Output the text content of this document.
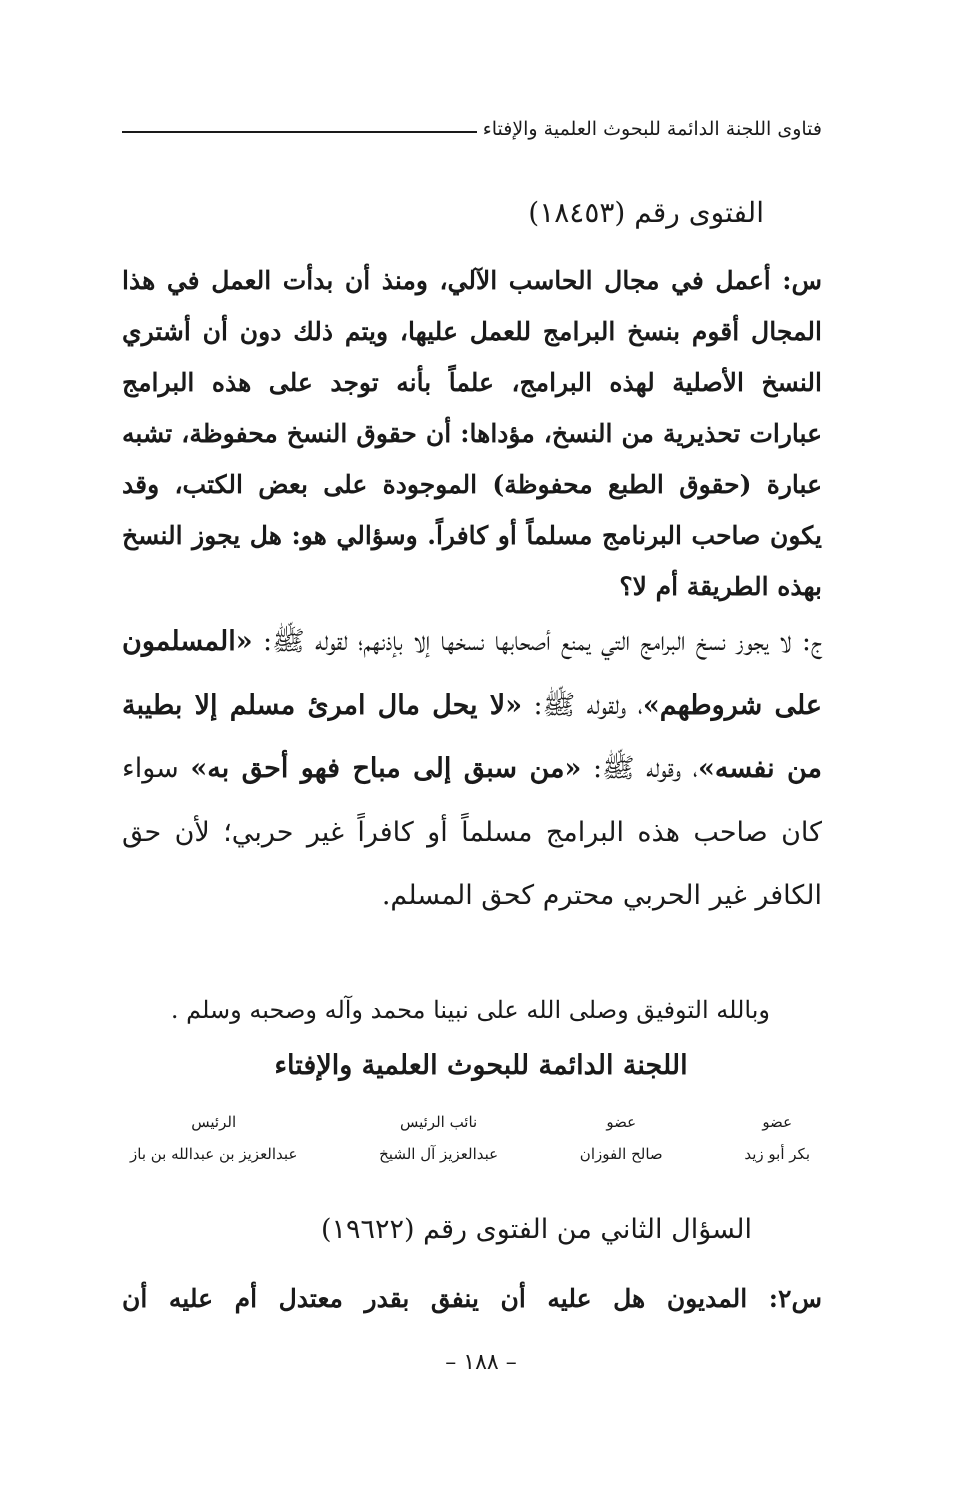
فتاوى اللجنة الدائمة للبحوث العلمية والإفتاء
الفتوى رقم (١٨٤٥٣)
س: أعمل في مجال الحاسب الآلي، ومنذ أن بدأت العمل في هذا المجال أقوم بنسخ البرامج للعمل عليها، ويتم ذلك دون أن أشتري النسخ الأصلية لهذه البرامج، علماً بأنه توجد على هذه البرامج عبارات تحذيرية من النسخ، مؤداها: أن حقوق النسخ محفوظة، تشبه عبارة (حقوق الطبع محفوظة) الموجودة على بعض الكتب، وقد يكون صاحب البرنامج مسلماً أو كافراً. وسؤالي هو: هل يجوز النسخ بهذه الطريقة أم لا؟
ج: لا يجوز نسخ البرامج التي يمنع أصحابها نسخها إلا بإذنهم؛ لقوله ﷺ: «المسلمون على شروطهم»، ولقوله ﷺ: «لا يحل مال امرئ مسلم إلا بطيبة من نفسه»، وقوله ﷺ: «من سبق إلى مباح فهو أحق به» سواء كان صاحب هذه البرامج مسلماً أو كافراً غير حربي؛ لأن حق الكافر غير الحربي محترم كحق المسلم.
وبالله التوفيق وصلى الله على نبينا محمد وآله وصحبه وسلم .
اللجنة الدائمة للبحوث العلمية والإفتاء
عضو
بكر أبو زيد
عضو
صالح الفوزان
نائب الرئيس
عبدالعزيز آل الشيخ
الرئيس
عبدالعزيز بن عبدالله بن باز
السؤال الثاني من الفتوى رقم (١٩٦٢٢)
س٢: المديون هل عليه أن ينفق بقدر معتدل أم عليه أن
– ١٨٨ –
